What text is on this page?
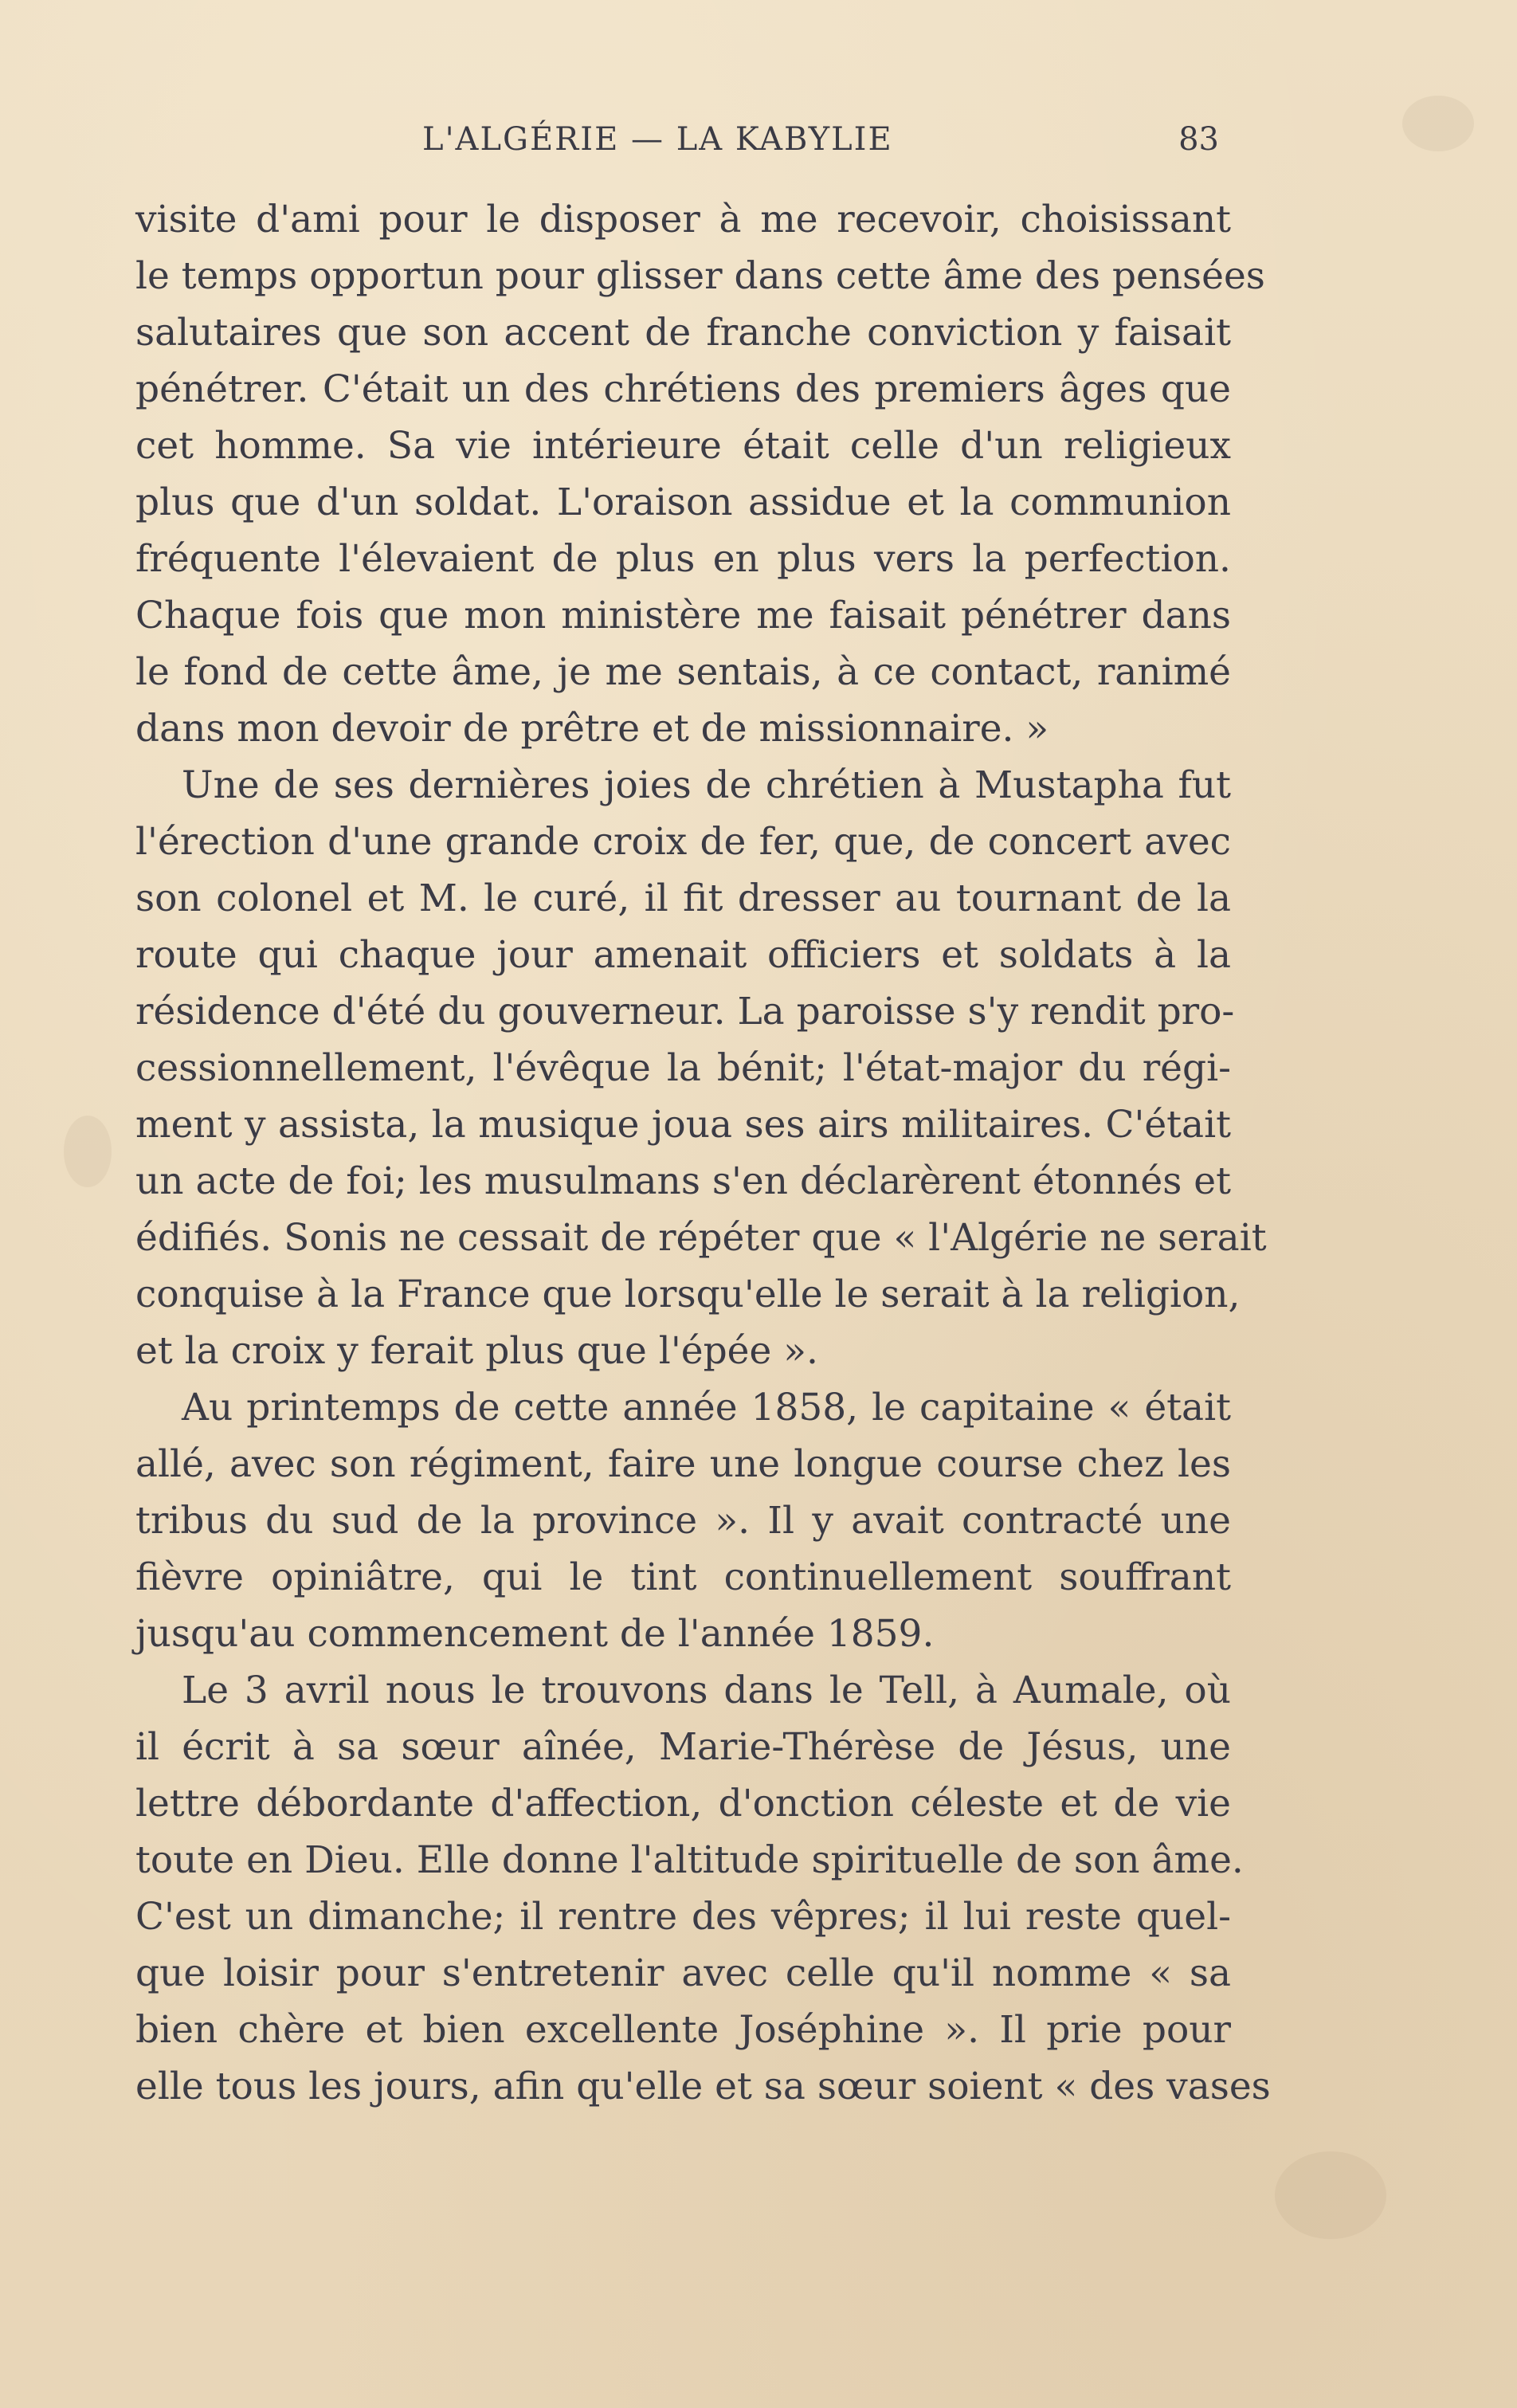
L'ALGÉRIE — LA KABYLIE	83
visite d'ami pour le disposer à me recevoir, choisissant
le temps opportun pour glisser dans cette âme des pensées
salutaires que son accent de franche conviction y faisait
pénétrer. C'était un des chrétiens des premiers âges que
cet homme. Sa vie intérieure était celle d'un religieux
plus que d'un soldat. L'oraison assidue et la communion
fréquente l'élevaient de plus en plus vers la perfection.
Chaque fois que mon ministère me faisait pénétrer dans
le fond de cette âme, je me sentais, à ce contact, ranimé
dans mon devoir de prêtre et de missionnaire. »
Une de ses dernières joies de chrétien à Mustapha fut
l'érection d'une grande croix de fer, que, de concert avec
son colonel et M. le curé, il fit dresser au tournant de la
route qui chaque jour amenait officiers et soldats à la
résidence d'été du gouverneur. La paroisse s'y rendit pro-
cessionnellement, l'évêque la bénit; l'état-major du régi-
ment y assista, la musique joua ses airs militaires. C'était
un acte de foi; les musulmans s'en déclarèrent étonnés et
édifiés. Sonis ne cessait de répéter que « l'Algérie ne serait
conquise à la France que lorsqu'elle le serait à la religion,
et la croix y ferait plus que l'épée ».
Au printemps de cette année 1858, le capitaine « était
allé, avec son régiment, faire une longue course chez les
tribus du sud de la province ». Il y avait contracté une
fièvre opiniâtre, qui le tint continuellement souffrant
jusqu'au commencement de l'année 1859.
Le 3 avril nous le trouvons dans le Tell, à Aumale, où
il écrit à sa sœur aînée, Marie-Thérèse de Jésus, une
lettre débordante d'affection, d'onction céleste et de vie
toute en Dieu. Elle donne l'altitude spirituelle de son âme.
C'est un dimanche; il rentre des vêpres; il lui reste quel-
que loisir pour s'entretenir avec celle qu'il nomme « sa
bien chère et bien excellente Joséphine ». Il prie pour
elle tous les jours, afin qu'elle et sa sœur soient « des vases
